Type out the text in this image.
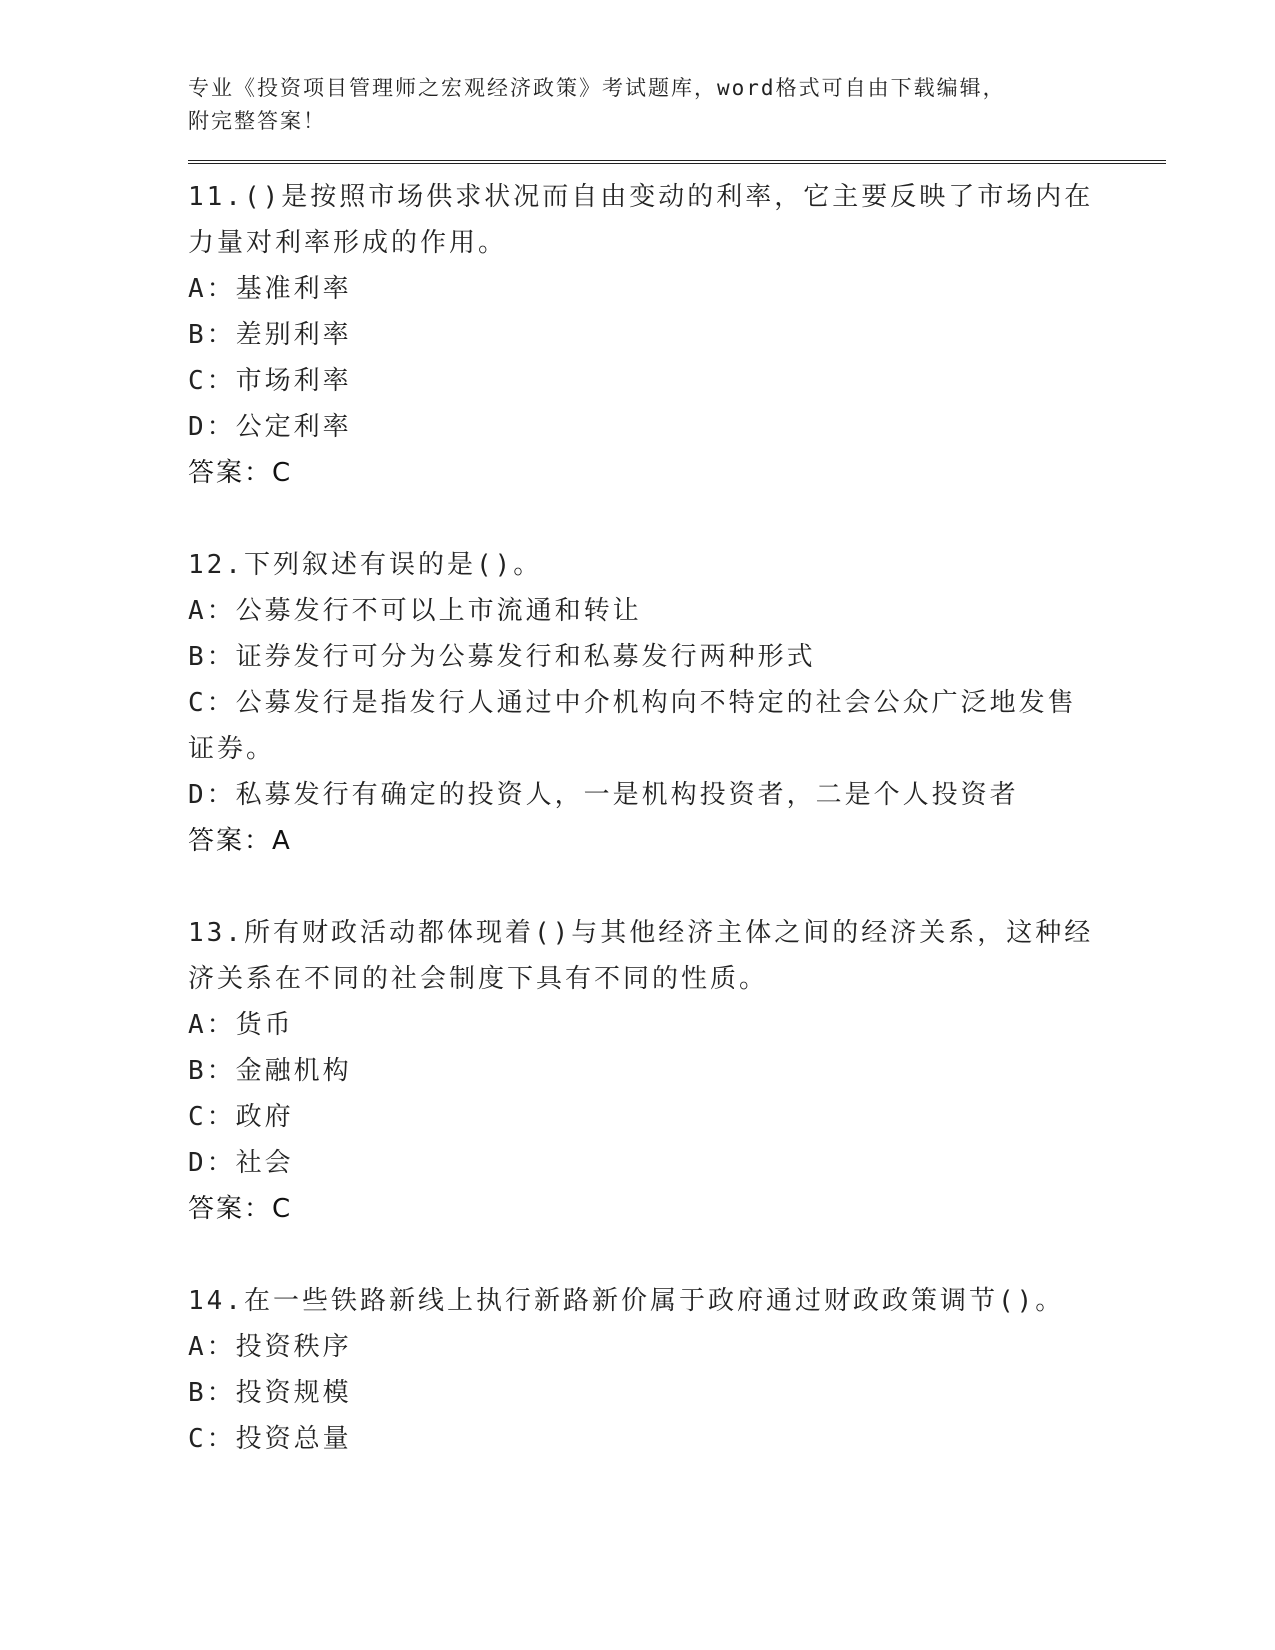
专业《投资项目管理师之宏观经济政策》考试题库，word格式可自由下载编辑，
附完整答案！
11.()是按照市场供求状况而自由变动的利率，它主要反映了市场内在
力量对利率形成的作用。
A：基准利率
B：差别利率
C：市场利率
D：公定利率
答案：C
12.下列叙述有误的是()。
A：公募发行不可以上市流通和转让
B：证券发行可分为公募发行和私募发行两种形式
C：公募发行是指发行人通过中介机构向不特定的社会公众广泛地发售
证券。
D：私募发行有确定的投资人，一是机构投资者，二是个人投资者
答案：A
13.所有财政活动都体现着()与其他经济主体之间的经济关系，这种经
济关系在不同的社会制度下具有不同的性质。
A：货币
B：金融机构
C：政府
D：社会
答案：C
14.在一些铁路新线上执行新路新价属于政府通过财政政策调节()。
A：投资秩序
B：投资规模
C：投资总量
